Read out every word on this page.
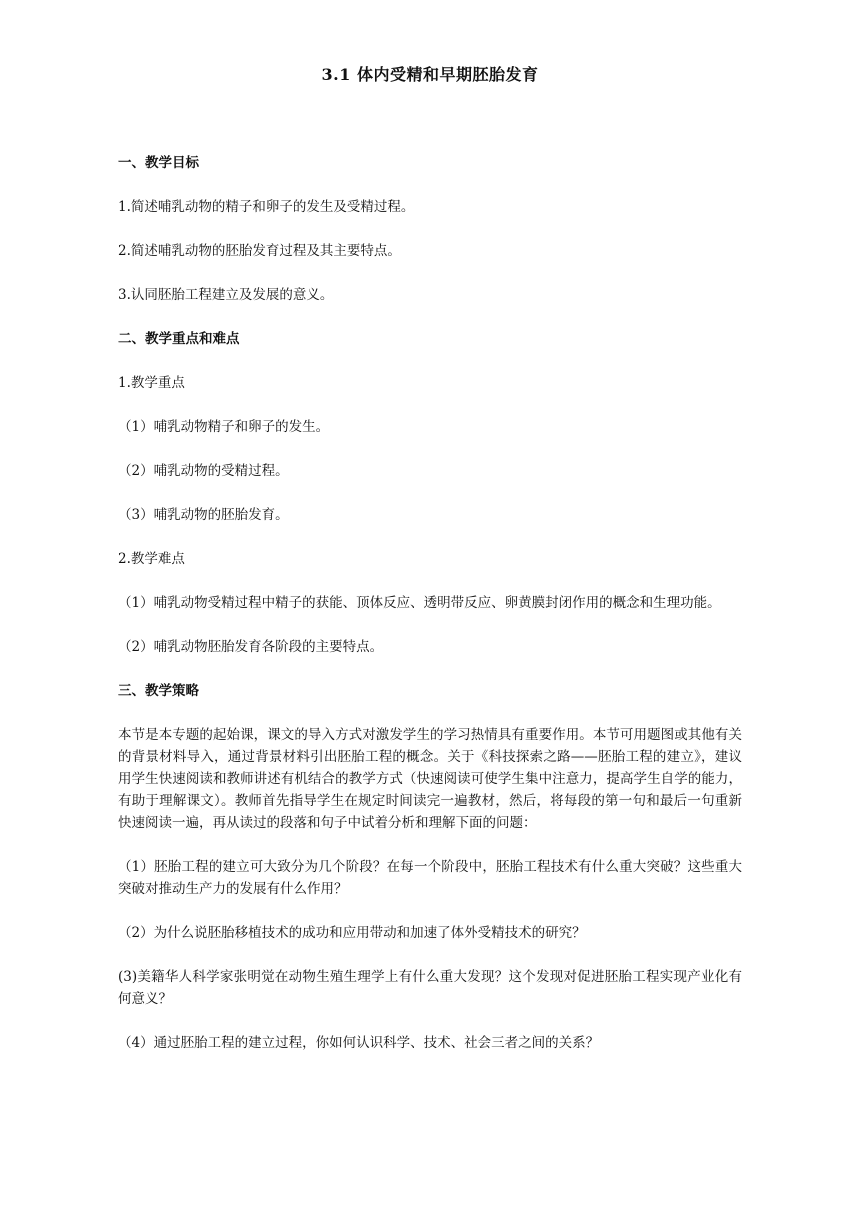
3.1 体内受精和早期胚胎发育

一、教学目标

1.简述哺乳动物的精子和卵子的发生及受精过程。

2.简述哺乳动物的胚胎发育过程及其主要特点。

3.认同胚胎工程建立及发展的意义。

二、教学重点和难点

1.教学重点

（1）哺乳动物精子和卵子的发生。

（2）哺乳动物的受精过程。

（3）哺乳动物的胚胎发育。

2.教学难点

（1）哺乳动物受精过程中精子的获能、顶体反应、透明带反应、卵黄膜封闭作用的概念和生理功能。

（2）哺乳动物胚胎发育各阶段的主要特点。

三、教学策略

本节是本专题的起始课，课文的导入方式对激发学生的学习热情具有重要作用。本节可用题图或其他有关的背景材料导入，通过背景材料引出胚胎工程的概念。关于《科技探索之路——胚胎工程的建立》，建议用学生快速阅读和教师讲述有机结合的教学方式（快速阅读可使学生集中注意力，提高学生自学的能力，有助于理解课文）。教师首先指导学生在规定时间读完一遍教材，然后，将每段的第一句和最后一句重新快速阅读一遍，再从读过的段落和句子中试着分析和理解下面的问题：

（1）胚胎工程的建立可大致分为几个阶段？在每一个阶段中，胚胎工程技术有什么重大突破？这些重大突破对推动生产力的发展有什么作用？

（2）为什么说胚胎移植技术的成功和应用带动和加速了体外受精技术的研究？

(3)美籍华人科学家张明觉在动物生殖生理学上有什么重大发现？这个发现对促进胚胎工程实现产业化有何意义？

（4）通过胚胎工程的建立过程，你如何认识科学、技术、社会三者之间的关系？
